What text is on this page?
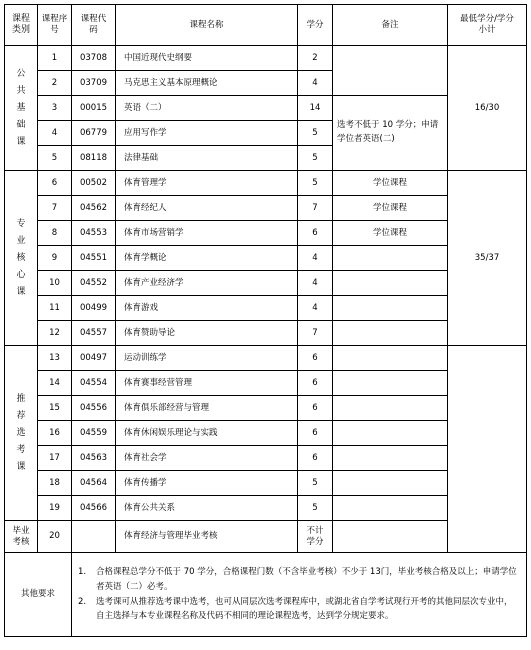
课程类别	课程序号	课程代码	课程名称	学分	备注	最低学分/学分小计

公共基础课	1	03708	中国近现代史纲要	2		16/30
	2	03709	马克思主义基本原理概论	4		
	3	00015	英语（二）	14	选考不低于 10 学分；申请学位者英语(二)	
	4	06779	应用写作学	5		
	5	08118	法律基础	5		

专业核心课	6	00502	体育管理学	5	学位课程	35/37
	7	04562	体育经纪人	7	学位课程	
	8	04553	体育市场营销学	6	学位课程	
	9	04551	体育学概论	4		
	10	04552	体育产业经济学	4		
	11	00499	体育游戏	4		
	12	04557	体育赞助导论	7		

推荐选考课	13	00497	运动训练学	6		
	14	04554	体育赛事经营管理	6		
	15	04556	体育俱乐部经营与管理	6		
	16	04559	体育休闲娱乐理论与实践	6		
	17	04563	体育社会学	6		
	18	04564	体育传播学	5		
	19	04566	体育公共关系	5		

毕业考核	20		体育经济与管理毕业考核	不计学分		

其他要求		1. 合格课程总学分不低于 70 学分，合格课程门数（不含毕业考核）不少于 13门，毕业考核合格及以上；申请学位者英语（二）必考。
2. 选考课可从推荐选考课中选考，也可从同层次选考课程库中，或湖北省自学考试现行开考的其他同层次专业中，自主选择与本专业课程名称及代码不相同的理论课程选考，达到学分规定要求。				
